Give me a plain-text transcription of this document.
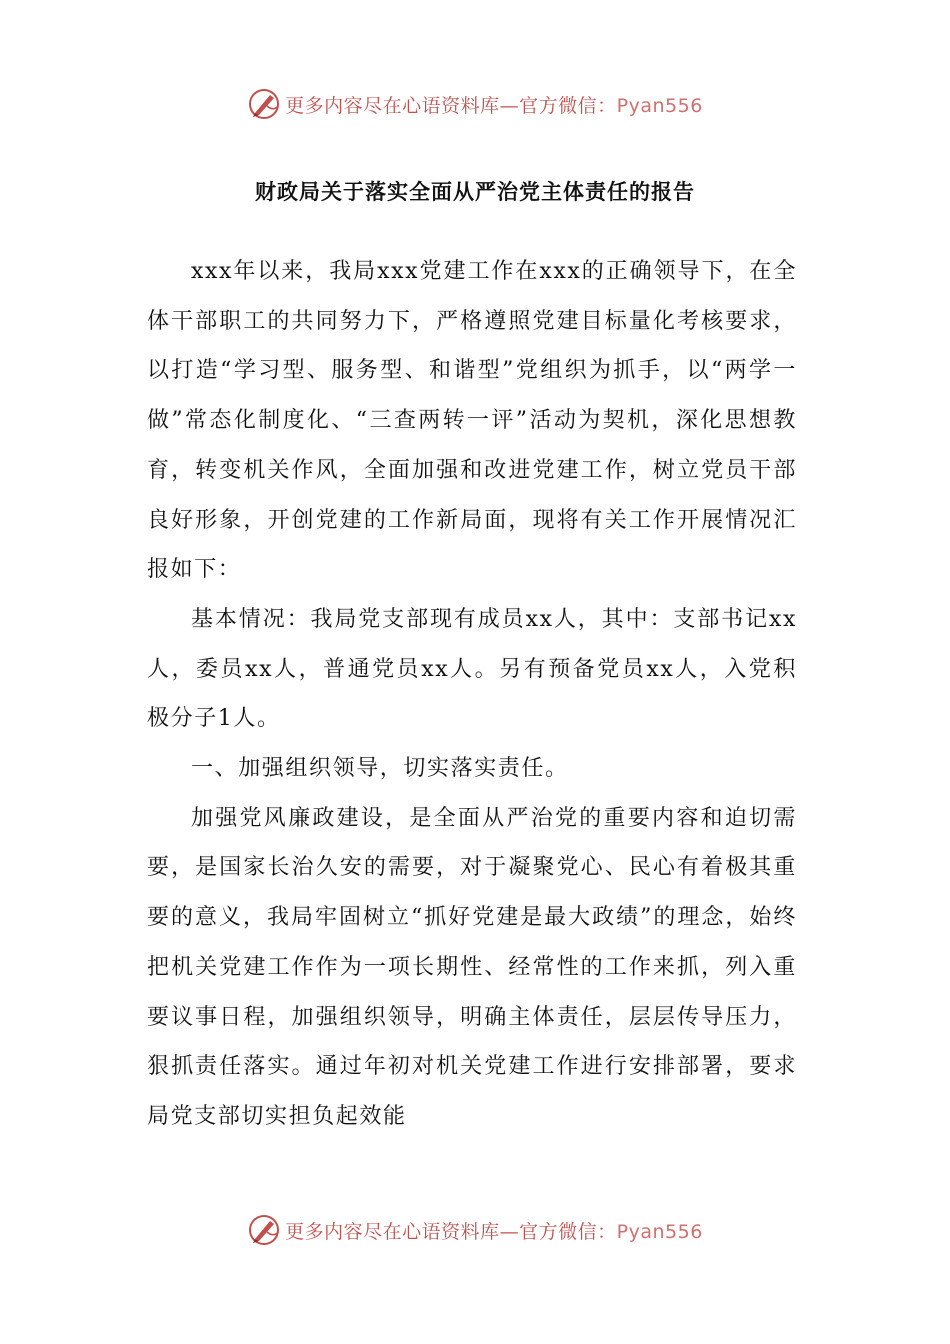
更多内容尽在心语资料库—官方微信：Pyan556
财政局关于落实全面从严治党主体责任的报告

xxx年以来，我局xxx党建工作在xxx的正确领导下，在全体干部职工的共同努力下，严格遵照党建目标量化考核要求，以打造“学习型、服务型、和谐型”党组织为抓手，以“两学一做”常态化制度化、“三查两转一评”活动为契机，深化思想教育，转变机关作风，全面加强和改进党建工作，树立党员干部良好形象，开创党建的工作新局面，现将有关工作开展情况汇报如下：

基本情况：我局党支部现有成员xx人，其中：支部书记xx人，委员xx人，普通党员xx人。另有预备党员xx人，入党积极分子1人。

一、加强组织领导，切实落实责任。

加强党风廉政建设，是全面从严治党的重要内容和迫切需要，是国家长治久安的需要，对于凝聚党心、民心有着极其重要的意义，我局牢固树立“抓好党建是最大政绩”的理念，始终把机关党建工作作为一项长期性、经常性的工作来抓，列入重要议事日程，加强组织领导，明确主体责任，层层传导压力，狠抓责任落实。通过年初对机关党建工作进行安排部署，要求局党支部切实担负起效能

更多内容尽在心语资料库—官方微信：Pyan556
